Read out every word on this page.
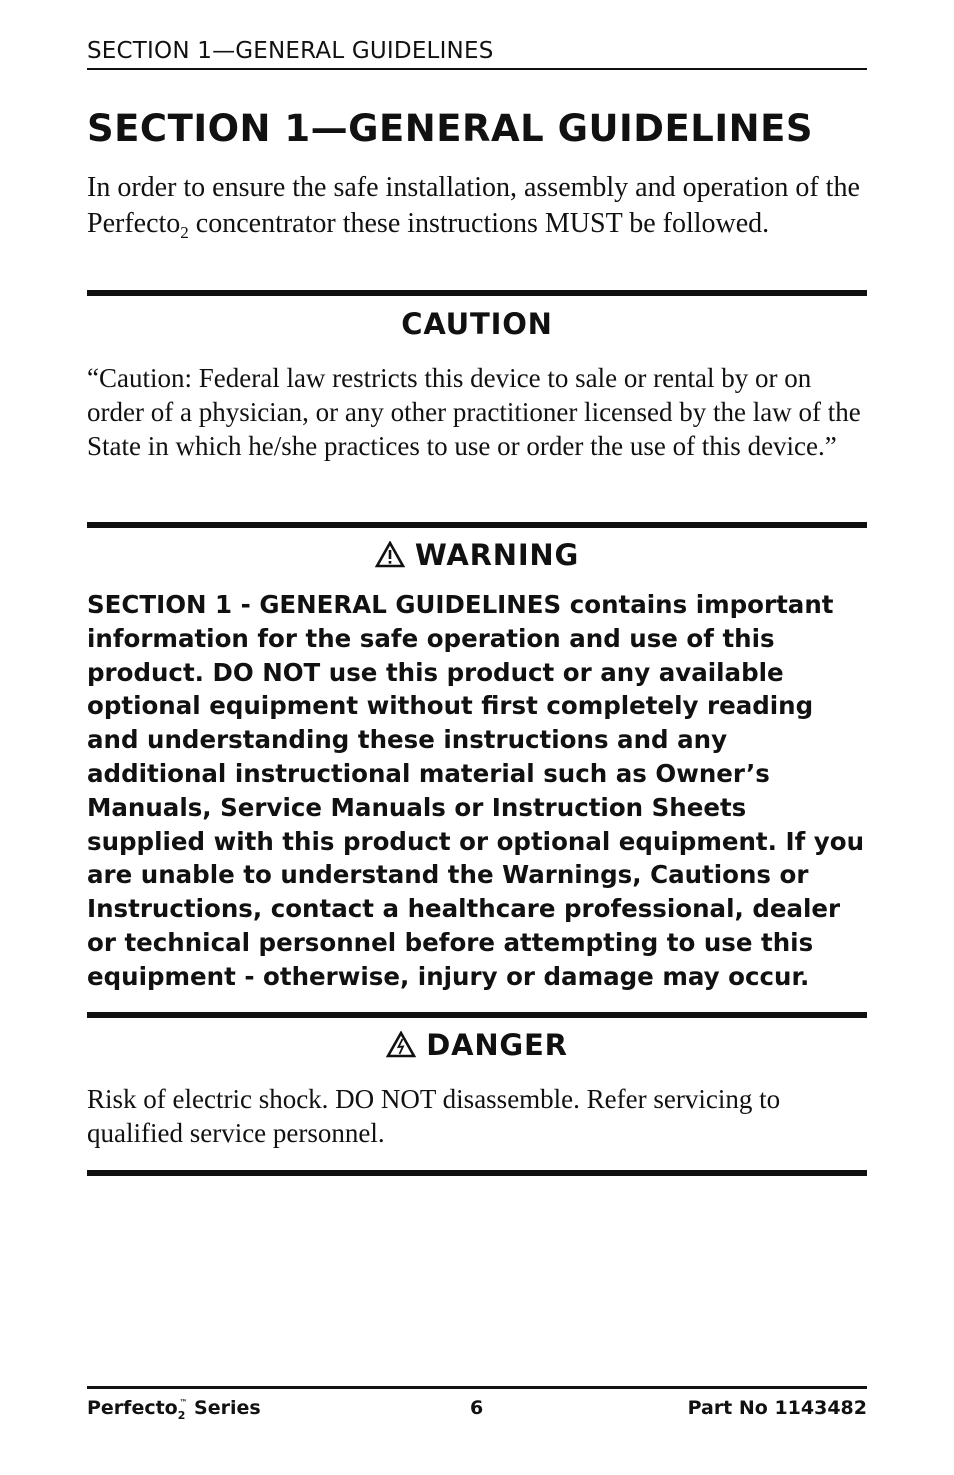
SECTION 1—GENERAL GUIDELINES
SECTION 1—GENERAL GUIDELINES
In order to ensure the safe installation, assembly and operation of the Perfecto$_2$ concentrator these instructions MUST be followed.
CAUTION
“Caution: Federal law restricts this device to sale or rental by or on order of a physician, or any other practitioner licensed by the law of the State in which he/she practices to use or order the use of this device.”
WARNING
SECTION 1 - GENERAL GUIDELINES contains important information for the safe operation and use of this product. DO NOT use this product or any available optional equipment without first completely reading and understanding these instructions and any additional instructional material such as Owner’s Manuals, Service Manuals or Instruction Sheets supplied with this product or optional equipment. If you are unable to understand the Warnings, Cautions or Instructions, contact a healthcare professional, dealer or technical personnel before attempting to use this equipment - otherwise, injury or damage may occur.
DANGER
Risk of electric shock. DO NOT disassemble. Refer servicing to qualified service personnel.
Perfecto$_2$™ Series	6	Part No 1143482
